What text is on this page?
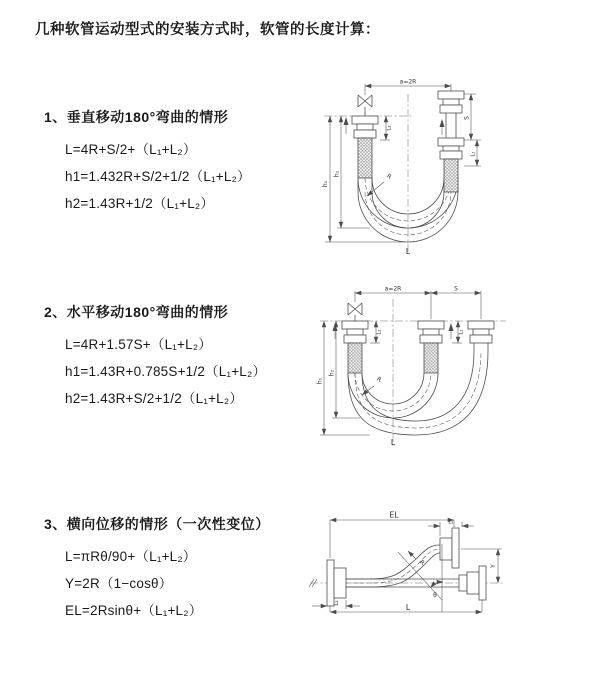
几种软管运动型式的安装方式时，软管的长度计算：
1、垂直移动180°弯曲的情形
L=4R+S/2+（L₁+L₂）
h1=1.432R+S/2+1/2（L₁+L₂）
h2=1.43R+1/2（L₁+L₂）
2、水平移动180°弯曲的情形
L=4R+1.57S+（L₁+L₂）
h1=1.43R+0.785S+1/2（L₁+L₂）
h2=1.43R+S/2+1/2（L₁+L₂）
3、横向位移的情形（一次性变位）
L=πRθ/90+（L₁+L₂）
Y=2R（1−cosθ）
EL=2Rsinθ+（L₁+L₂）
a=2R
h₁
h₂
S
L₁
L₂
R
L
a=2R	S
h₁
h₂
L₂	L₁
R
L
θ
EL
L₁
Y
R
L
L₂
